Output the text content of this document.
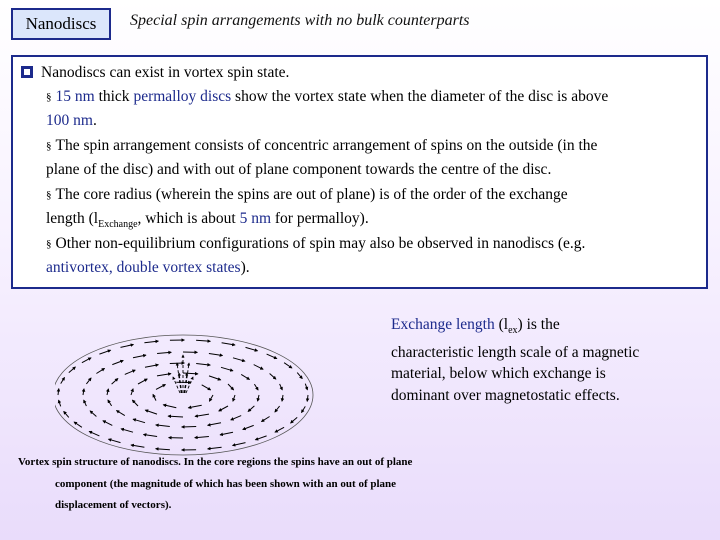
Nanodiscs Special spin arrangements with no bulk counterparts
Nanodiscs can exist in vortex spin state.
§ 15 nm thick permalloy discs show the vortex state when the diameter of the disc is above
100 nm.
§ The spin arrangement consists of concentric arrangement of spins on the outside (in the
plane of the disc) and with out of plane component towards the centre of the disc.
§ The core radius (wherein the spins are out of plane) is of the order of the exchange
length ($l_{Exchange}$, which is about 5 nm for permalloy).
§ Other non-equilibrium configurations of spin may also be observed in nanodiscs (e.g.
antivortex, double vortex states).
Exchange length $(l_{ex})$ is the
characteristic length scale of a magnetic
material, below which exchange is
dominant over magnetostatic effects.
Vortex spin structure of nanodiscs. In the core regions the spins have an out of plane
component (the magnitude of which has been shown with an out of plane
displacement of vectors).
